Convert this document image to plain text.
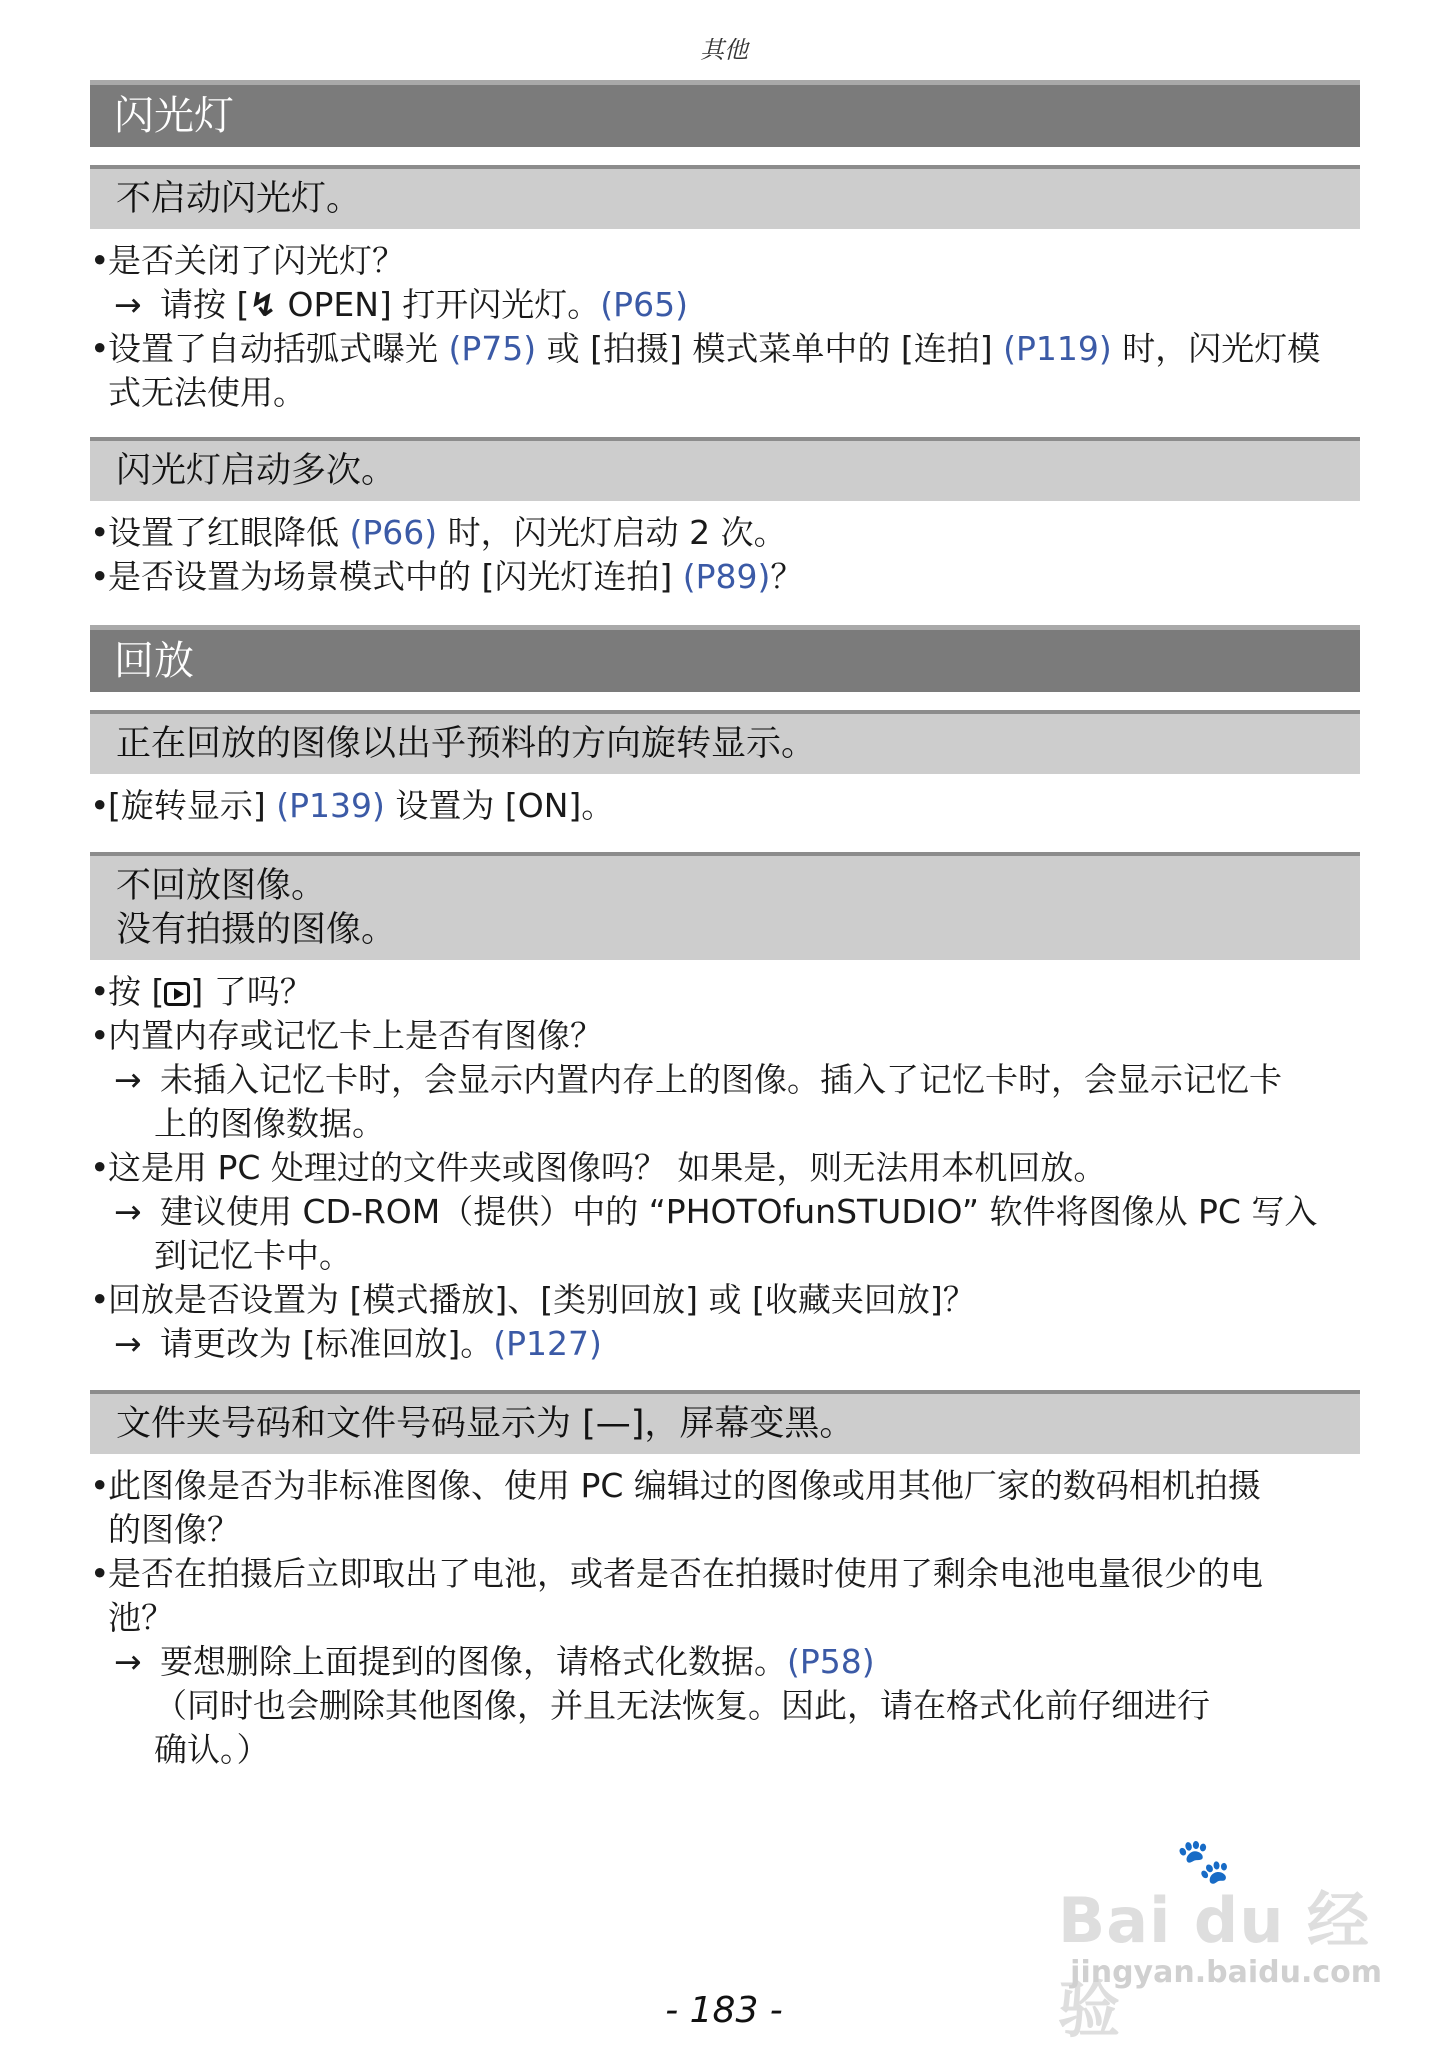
其他
闪光灯
不启动闪光灯。
• 是否关闭了闪光灯？
→ 请按 [↯ OPEN] 打开闪光灯。(P65)
• 设置了自动括弧式曝光 (P75) 或 [拍摄] 模式菜单中的 [连拍] (P119) 时，闪光灯模
式无法使用。
闪光灯启动多次。
• 设置了红眼降低 (P66) 时，闪光灯启动 2 次。
• 是否设置为场景模式中的 [闪光灯连拍] (P89)？
回放
正在回放的图像以出乎预料的方向旋转显示。
• [旋转显示] (P139) 设置为 [ON]。
不回放图像。
没有拍摄的图像。
• 按 [ ] 了吗？
• 内置内存或记忆卡上是否有图像？
→ 未插入记忆卡时，会显示内置内存上的图像。插入了记忆卡时，会显示记忆卡
上的图像数据。
• 这是用 PC 处理过的文件夹或图像吗？ 如果是，则无法用本机回放。
→ 建议使用 CD-ROM（提供）中的 “PHOTOfunSTUDIO” 软件将图像从 PC 写入
到记忆卡中。
• 回放是否设置为 [模式播放]、[类别回放] 或 [收藏夹回放]？
→ 请更改为 [标准回放]。(P127)
文件夹号码和文件号码显示为 [—]，屏幕变黑。
• 此图像是否为非标准图像、使用 PC 编辑过的图像或用其他厂家的数码相机拍摄
的图像？
• 是否在拍摄后立即取出了电池，或者是否在拍摄时使用了剩余电池电量很少的电
池？
→ 要想删除上面提到的图像，请格式化数据。(P58)
（同时也会删除其他图像，并且无法恢复。因此，请在格式化前仔细进行
确认。）
🐾
Bai du 经验
jingyan.baidu.com
- 183 -
